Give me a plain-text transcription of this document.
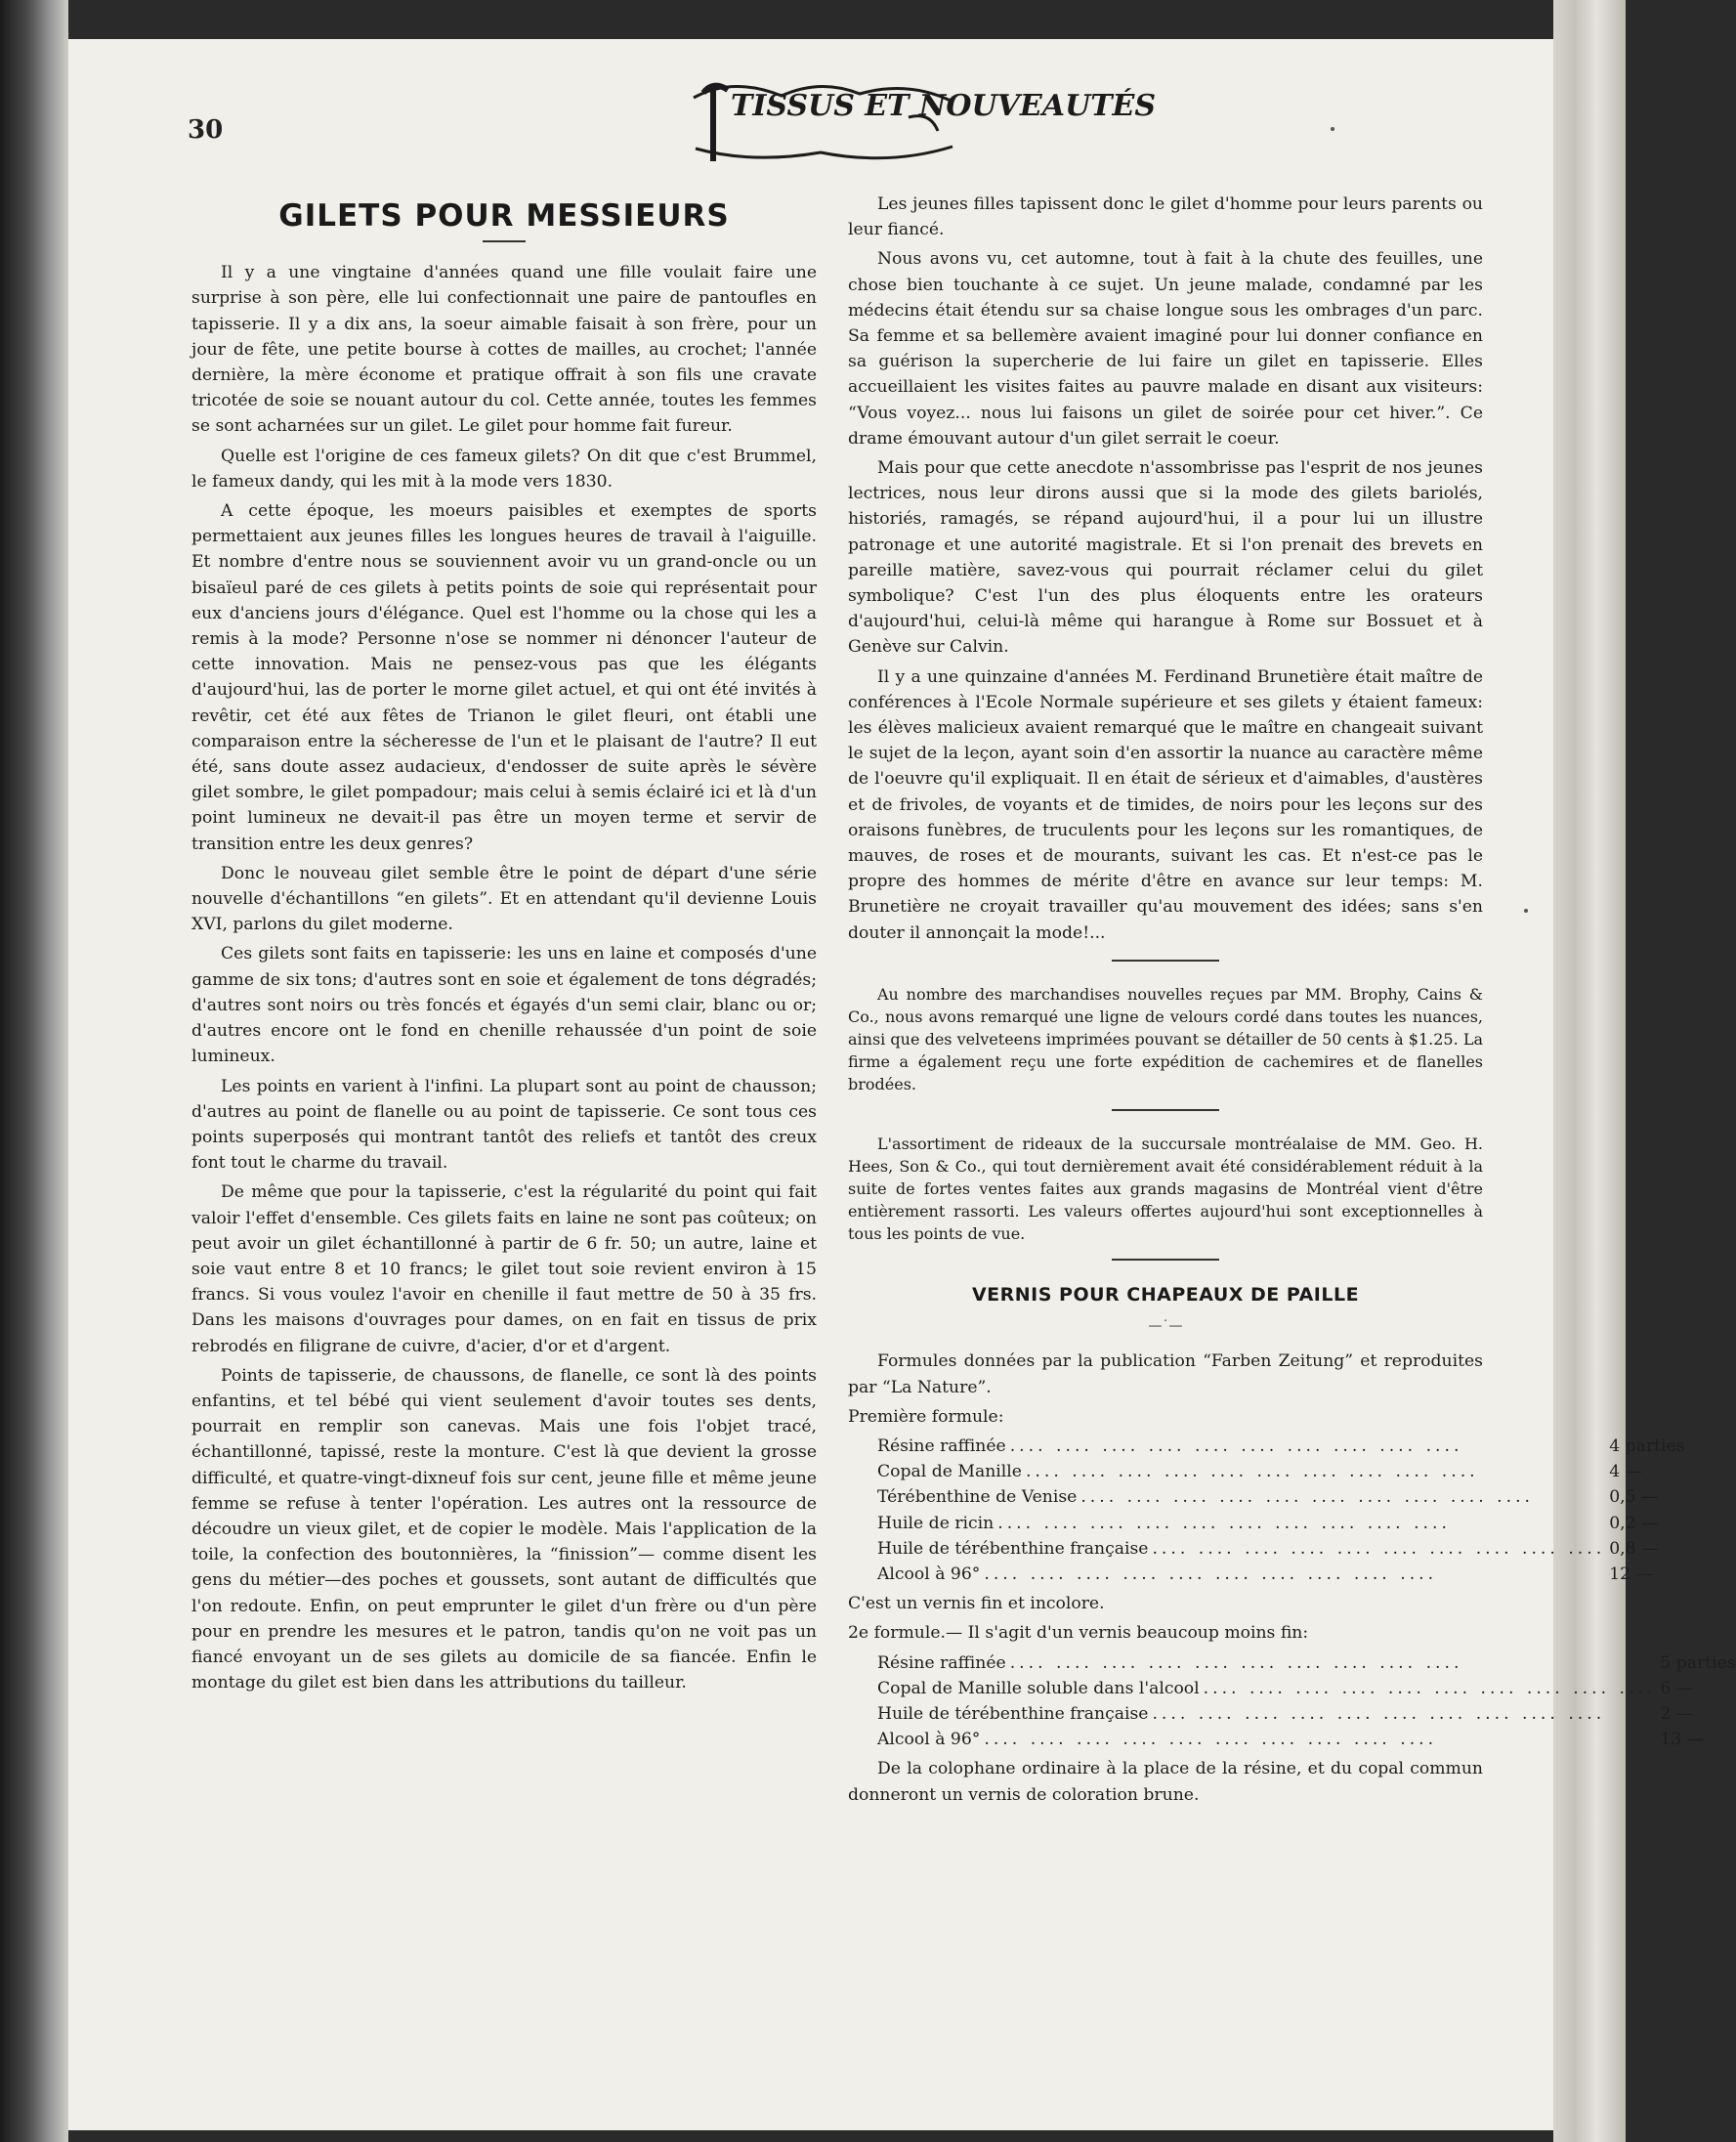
30

TISSUS ET NOUVEAUTÉS
GILETS POUR MESSIEURS

Il y a une vingtaine d'années quand une fille voulait faire une surprise à son père, elle lui confectionnait une paire de pantoufles en tapisserie. Il y a dix ans, la soeur aimable faisait à son frère, pour un jour de fête, une petite bourse à cottes de mailles, au crochet; l'année dernière, la mère économe et pratique offrait à son fils une cravate tricotée de soie se nouant autour du col. Cette année, toutes les femmes se sont acharnées sur un gilet. Le gilet pour homme fait fureur.

Quelle est l'origine de ces fameux gilets? On dit que c'est Brummel, le fameux dandy, qui les mit à la mode vers 1830.

A cette époque, les moeurs paisibles et exemptes de sports permettaient aux jeunes filles les longues heures de travail à l'aiguille. Et nombre d'entre nous se souviennent avoir vu un grand-oncle ou un bisaïeul paré de ces gilets à petits points de soie qui représentait pour eux d'anciens jours d'élégance. Quel est l'homme ou la chose qui les a remis à la mode? Personne n'ose se nommer ni dénoncer l'auteur de cette innovation. Mais ne pensez-vous pas que les élégants d'aujourd'hui, las de porter le morne gilet actuel, et qui ont été invités à revêtir, cet été aux fêtes de Trianon le gilet fleuri, ont établi une comparaison entre la sécheresse de l'un et le plaisant de l'autre? Il eut été, sans doute assez audacieux, d'endosser de suite après le sévère gilet sombre, le gilet pompadour; mais celui à semis éclairé ici et là d'un point lumineux ne devait-il pas être un moyen terme et servir de transition entre les deux genres?

Donc le nouveau gilet semble être le point de départ d'une série nouvelle d'échantillons “en gilets”. Et en attendant qu'il devienne Louis XVI, parlons du gilet moderne.

Ces gilets sont faits en tapisserie: les uns en laine et composés d'une gamme de six tons; d'autres sont en soie et également de tons dégradés; d'autres sont noirs ou très foncés et égayés d'un semi clair, blanc ou or; d'autres encore ont le fond en chenille rehaussée d'un point de soie lumineux.

Les points en varient à l'infini. La plupart sont au point de chausson; d'autres au point de flanelle ou au point de tapisserie. Ce sont tous ces points superposés qui montrant tantôt des reliefs et tantôt des creux font tout le charme du travail.

De même que pour la tapisserie, c'est la régularité du point qui fait valoir l'effet d'ensemble. Ces gilets faits en laine ne sont pas coûteux; on peut avoir un gilet échantillonné à partir de 6 fr. 50; un autre, laine et soie vaut entre 8 et 10 francs; le gilet tout soie revient environ à 15 francs. Si vous voulez l'avoir en chenille il faut mettre de 50 à 35 frs. Dans les maisons d'ouvrages pour dames, on en fait en tissus de prix rebrodés en filigrane de cuivre, d'acier, d'or et d'argent.

Points de tapisserie, de chaussons, de flanelle, ce sont là des points enfantins, et tel bébé qui vient seulement d'avoir toutes ses dents, pourrait en remplir son canevas. Mais une fois l'objet tracé, échantillonné, tapissé, reste la monture. C'est là que devient la grosse difficulté, et quatre-vingt-dixneuf fois sur cent, jeune fille et même jeune femme se refuse à tenter l'opération. Les autres ont la ressource de découdre un vieux gilet, et de copier le modèle. Mais l'application de la toile, la confection des boutonnières, la “finission”— comme disent les gens du métier—des poches et goussets, sont autant de difficultés que l'on redoute. Enfin, on peut emprunter le gilet d'un frère ou d'un père pour en prendre les mesures et le patron, tandis qu'on ne voit pas un fiancé envoyant un de ses gilets au domicile de sa fiancée. Enfin le montage du gilet est bien dans les attributions du tailleur.

Les jeunes filles tapissent donc le gilet d'homme pour leurs parents ou leur fiancé.

Nous avons vu, cet automne, tout à fait à la chute des feuilles, une chose bien touchante à ce sujet. Un jeune malade, condamné par les médecins était étendu sur sa chaise longue sous les ombrages d'un parc. Sa femme et sa bellemère avaient imaginé pour lui donner confiance en sa guérison la supercherie de lui faire un gilet en tapisserie. Elles accueillaient les visites faites au pauvre malade en disant aux visiteurs: “Vous voyez... nous lui faisons un gilet de soirée pour cet hiver.”. Ce drame émouvant autour d'un gilet serrait le coeur.

Mais pour que cette anecdote n'assombrisse pas l'esprit de nos jeunes lectrices, nous leur dirons aussi que si la mode des gilets bariolés, historiés, ramagés, se répand aujourd'hui, il a pour lui un illustre patronage et une autorité magistrale. Et si l'on prenait des brevets en pareille matière, savez-vous qui pourrait réclamer celui du gilet symbolique? C'est l'un des plus éloquents entre les orateurs d'aujourd'hui, celui-là même qui harangue à Rome sur Bossuet et à Genève sur Calvin.

Il y a une quinzaine d'années M. Ferdinand Brunetière était maître de conférences à l'Ecole Normale supérieure et ses gilets y étaient fameux: les élèves malicieux avaient remarqué que le maître en changeait suivant le sujet de la leçon, ayant soin d'en assortir la nuance au caractère même de l'oeuvre qu'il expliquait. Il en était de sérieux et d'aimables, d'austères et de frivoles, de voyants et de timides, de noirs pour les leçons sur des oraisons funèbres, de truculents pour les leçons sur les romantiques, de mauves, de roses et de mourants, suivant les cas. Et n'est-ce pas le propre des hommes de mérite d'être en avance sur leur temps: M. Brunetière ne croyait travailler qu'au mouvement des idées; sans s'en douter il annonçait la mode!...

Au nombre des marchandises nouvelles reçues par MM. Brophy, Cains & Co., nous avons remarqué une ligne de velours cordé dans toutes les nuances, ainsi que des velveteens imprimées pouvant se détailler de 50 cents à $1.25. La firme a également reçu une forte expédition de cachemires et de flanelles brodées.

L'assortiment de rideaux de la succursale montréalaise de MM. Geo. H. Hees, Son & Co., qui tout dernièrement avait été considérablement réduit à la suite de fortes ventes faites aux grands magasins de Montréal vient d'être entièrement rassorti. Les valeurs offertes aujourd'hui sont exceptionnelles à tous les points de vue.

VERNIS POUR CHAPEAUX DE PAILLE
—˙—

Formules données par la publication “Farben Zeitung” et reproduites par “La Nature”.

Première formule:

Résine raffinée .... .... .... .... .... .... .... .... .... ....	4 parties

Copal de Manille .... .... .... .... .... .... .... .... .... ....	4 —

Térébenthine de Venise .... .... .... .... .... .... .... .... .... ....	0,5 —

Huile de ricin .... .... .... .... .... .... .... .... .... ....	0,2 —

Huile de térébenthine française .... .... .... .... .... .... .... .... .... ....	0,8 —

Alcool à 96° .... .... .... .... .... .... .... .... .... ....	12 —

C'est un vernis fin et incolore.

2e formule.— Il s'agit d'un vernis beaucoup moins fin:

Résine raffinée .... .... .... .... .... .... .... .... .... ....	5 parties

Copal de Manille soluble dans l'alcool .... .... .... .... .... .... .... .... .... ....	6 —

Huile de térébenthine française .... .... .... .... .... .... .... .... .... ....	2 —

Alcool à 96° .... .... .... .... .... .... .... .... .... ....	13 —

De la colophane ordinaire à la place de la résine, et du copal commun donneront un vernis de coloration brune.
